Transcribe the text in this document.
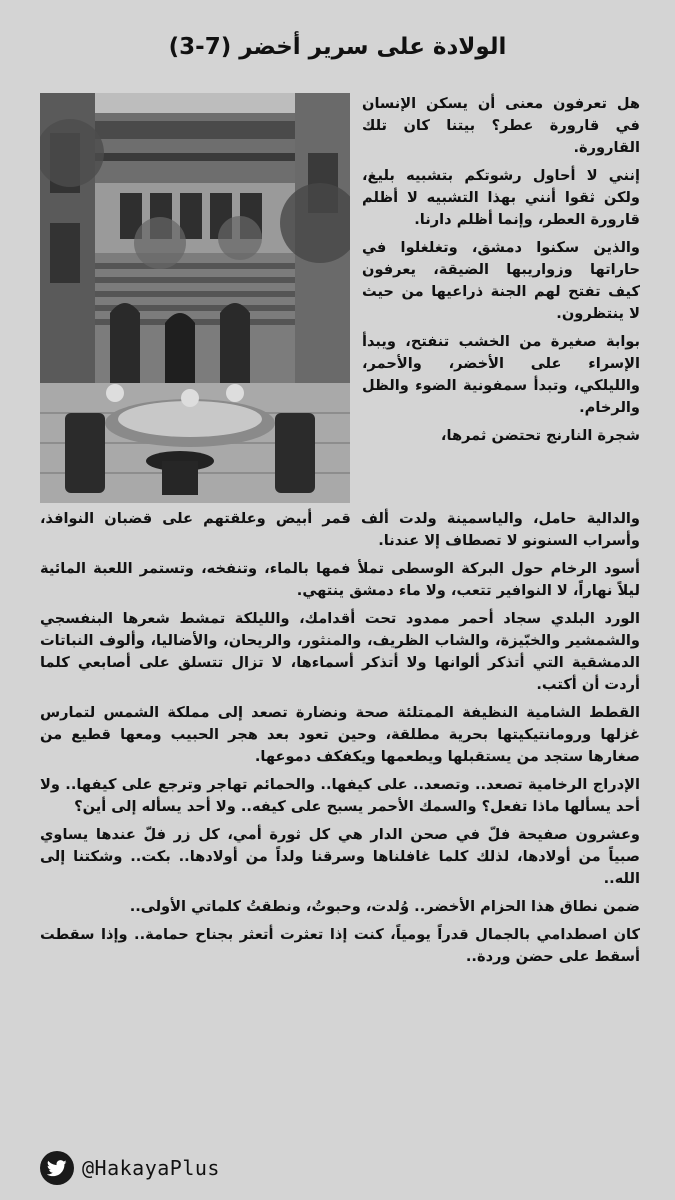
الولادة على سرير أخضر (7-3)

هل تعرفون معنى أن يسكن الإنسان في قارورة عطر؟ بيتنا كان تلك القارورة.

إنني لا أحاول رشوتكم بتشبيه بليغ، ولكن ثقوا أنني بهذا التشبيه لا أظلم قارورة العطر، وإنما أظلم دارنا.

والذين سكنوا دمشق، وتغلغلوا في حاراتها وزواريبها الضيقة، يعرفون كيف تفتح لهم الجنة ذراعيها من حيث لا ينتظرون.

بوابة صغيرة من الخشب تنفتح، ويبدأ الإسراء على الأخضر، والأحمر، والليلكي، وتبدأ سمفونية الضوء والظل والرخام.

شجرة النارنج تحتضن ثمرها،

والدالية حامل، والياسمينة ولدت ألف قمر أبيض وعلقتهم على قضبان النوافذ، وأسراب السنونو لا تصطاف إلا عندنا.

أسود الرخام حول البركة الوسطى تملأ فمها بالماء، وتنفخه، وتستمر اللعبة المائية ليلاً نهاراً، لا النوافير تتعب، ولا ماء دمشق ينتهي.

الورد البلدي سجاد أحمر ممدود تحت أقدامك، والليلكة تمشط شعرها البنفسجي والشمشير والخبّيزة، والشاب الظريف، والمنثور، والريحان، والأضاليا، وألوف النباتات الدمشقية التي أتذكر ألوانها ولا أتذكر أسماءها، لا تزال تتسلق على أصابعي كلما أردت أن أكتب.

القطط الشامية النظيفة الممتلئة صحة ونضارة تصعد إلى مملكة الشمس لتمارس غزلها ورومانتيكيتها بحرية مطلقة، وحين تعود بعد هجر الحبيب ومعها قطيع من صغارها ستجد من يستقبلها ويطعمها ويكفكف دموعها.

الإدراج الرخامية تصعد.. وتصعد.. على كيفها.. والحمائم تهاجر وترجع على كيفها.. ولا أحد يسألها ماذا تفعل؟ والسمك الأحمر يسبح على كيفه.. ولا أحد يسأله إلى أين؟

وعشرون صفيحة فلّ في صحن الدار هي كل ثورة أمي، كل زر فلّ عندها يساوي صبياً من أولادها، لذلك كلما غافلناها وسرقنا ولداً من أولادها.. بكت.. وشكتنا إلى الله..

ضمن نطاق هذا الحزام الأخضر.. وُلدت، وحبوتُ، ونطقتُ كلماتي الأولى..

كان اصطدامي بالجمال قدراً يومياً، كنت إذا تعثرت أتعثر بجناح حمامة.. وإذا سقطت أسقط على حضن وردة..

@HakayaPlus
